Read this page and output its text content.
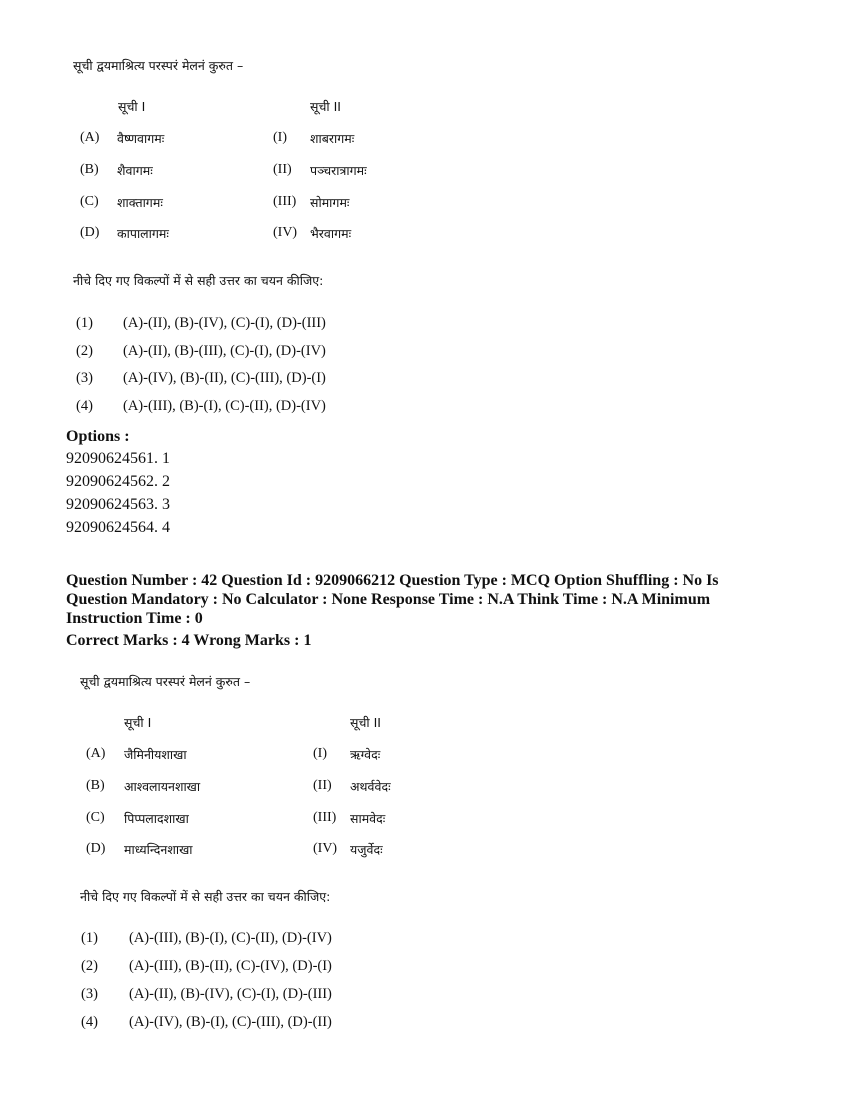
सूची द्वयमाश्रित्य परस्परं मेलनं कुरुत –
सूची I	सूची II
(A) वैष्णवागमः	(I) शाबरागमः
(B) शैवागमः	(II) पञ्चरात्रागमः
(C) शाक्तागमः	(III) सोमागमः
(D) कापालागमः	(IV) भैरवागमः
नीचे दिए गए विकल्पों में से सही उत्तर का चयन कीजिए:
(1) (A)-(II), (B)-(IV), (C)-(I), (D)-(III)
(2) (A)-(II), (B)-(III), (C)-(I), (D)-(IV)
(3) (A)-(IV), (B)-(II), (C)-(III), (D)-(I)
(4) (A)-(III), (B)-(I), (C)-(II), (D)-(IV)
Options :
92090624561. 1
92090624562. 2
92090624563. 3
92090624564. 4
Question Number : 42 Question Id : 9209066212 Question Type : MCQ Option Shuffling : No Is
Question Mandatory : No Calculator : None Response Time : N.A Think Time : N.A Minimum
Instruction Time : 0
Correct Marks : 4 Wrong Marks : 1
सूची द्वयमाश्रित्य परस्परं मेलनं कुरुत –
सूची I	सूची II
(A) जैमिनीयशाखा	(I) ऋग्वेदः
(B) आश्वलायनशाखा	(II) अथर्ववेदः
(C) पिप्पलादशाखा	(III) सामवेदः
(D) माध्यन्दिनशाखा	(IV) यजुर्वेदः
नीचे दिए गए विकल्पों में से सही उत्तर का चयन कीजिए:
(1) (A)-(III), (B)-(I), (C)-(II), (D)-(IV)
(2) (A)-(III), (B)-(II), (C)-(IV), (D)-(I)
(3) (A)-(II), (B)-(IV), (C)-(I), (D)-(III)
(4) (A)-(IV), (B)-(I), (C)-(III), (D)-(II)
